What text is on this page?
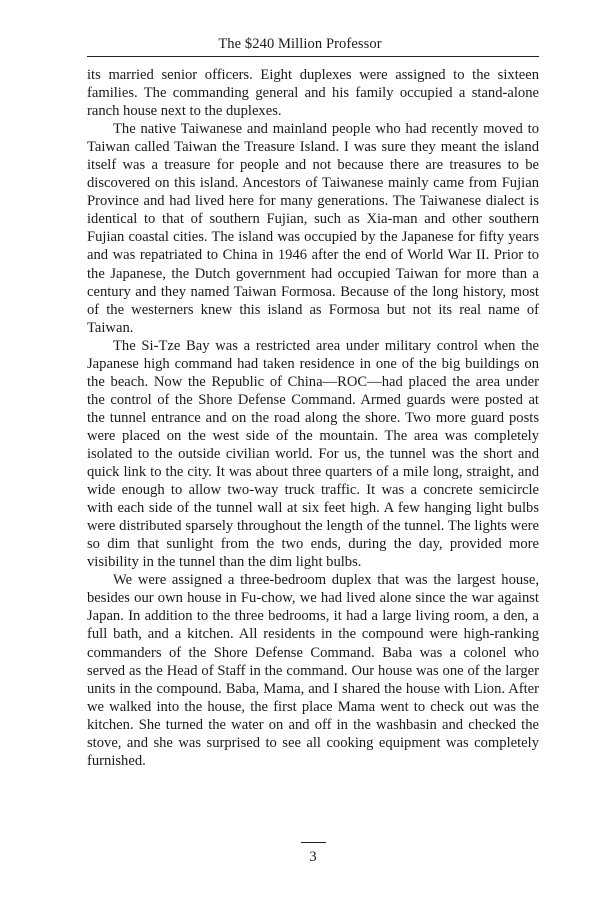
The $240 Million Professor

its married senior officers. Eight duplexes were assigned to the sixteen families. The commanding general and his family occupied a stand-alone ranch house next to the duplexes.

The native Taiwanese and mainland people who had recently moved to Taiwan called Taiwan the Treasure Island. I was sure they meant the island itself was a treasure for people and not because there are treasures to be discovered on this island. Ancestors of Taiwanese mainly came from Fujian Province and had lived here for many generations. The Taiwanese dialect is identical to that of southern Fujian, such as Xia-man and other southern Fujian coastal cities. The island was occupied by the Japanese for fifty years and was repatriated to China in 1946 after the end of World War II. Prior to the Japanese, the Dutch government had occupied Taiwan for more than a century and they named Taiwan Formosa. Because of the long history, most of the westerners knew this island as Formosa but not its real name of Taiwan.

The Si-Tze Bay was a restricted area under military control when the Japanese high command had taken residence in one of the big buildings on the beach. Now the Republic of China—ROC—had placed the area under the control of the Shore Defense Command. Armed guards were posted at the tunnel entrance and on the road along the shore. Two more guard posts were placed on the west side of the mountain. The area was completely isolated to the outside civilian world. For us, the tunnel was the short and quick link to the city. It was about three quarters of a mile long, straight, and wide enough to allow two-way truck traffic. It was a concrete semicircle with each side of the tunnel wall at six feet high. A few hanging light bulbs were distributed sparsely throughout the length of the tunnel. The lights were so dim that sunlight from the two ends, during the day, provided more visibility in the tunnel than the dim light bulbs.

We were assigned a three-bedroom duplex that was the largest house, besides our own house in Fu-chow, we had lived alone since the war against Japan. In addition to the three bedrooms, it had a large living room, a den, a full bath, and a kitchen. All residents in the compound were high-ranking commanders of the Shore Defense Command. Baba was a colonel who served as the Head of Staff in the command. Our house was one of the larger units in the compound. Baba, Mama, and I shared the house with Lion. After we walked into the house, the first place Mama went to check out was the kitchen. She turned the water on and off in the washbasin and checked the stove, and she was surprised to see all cooking equipment was completely furnished.

3
